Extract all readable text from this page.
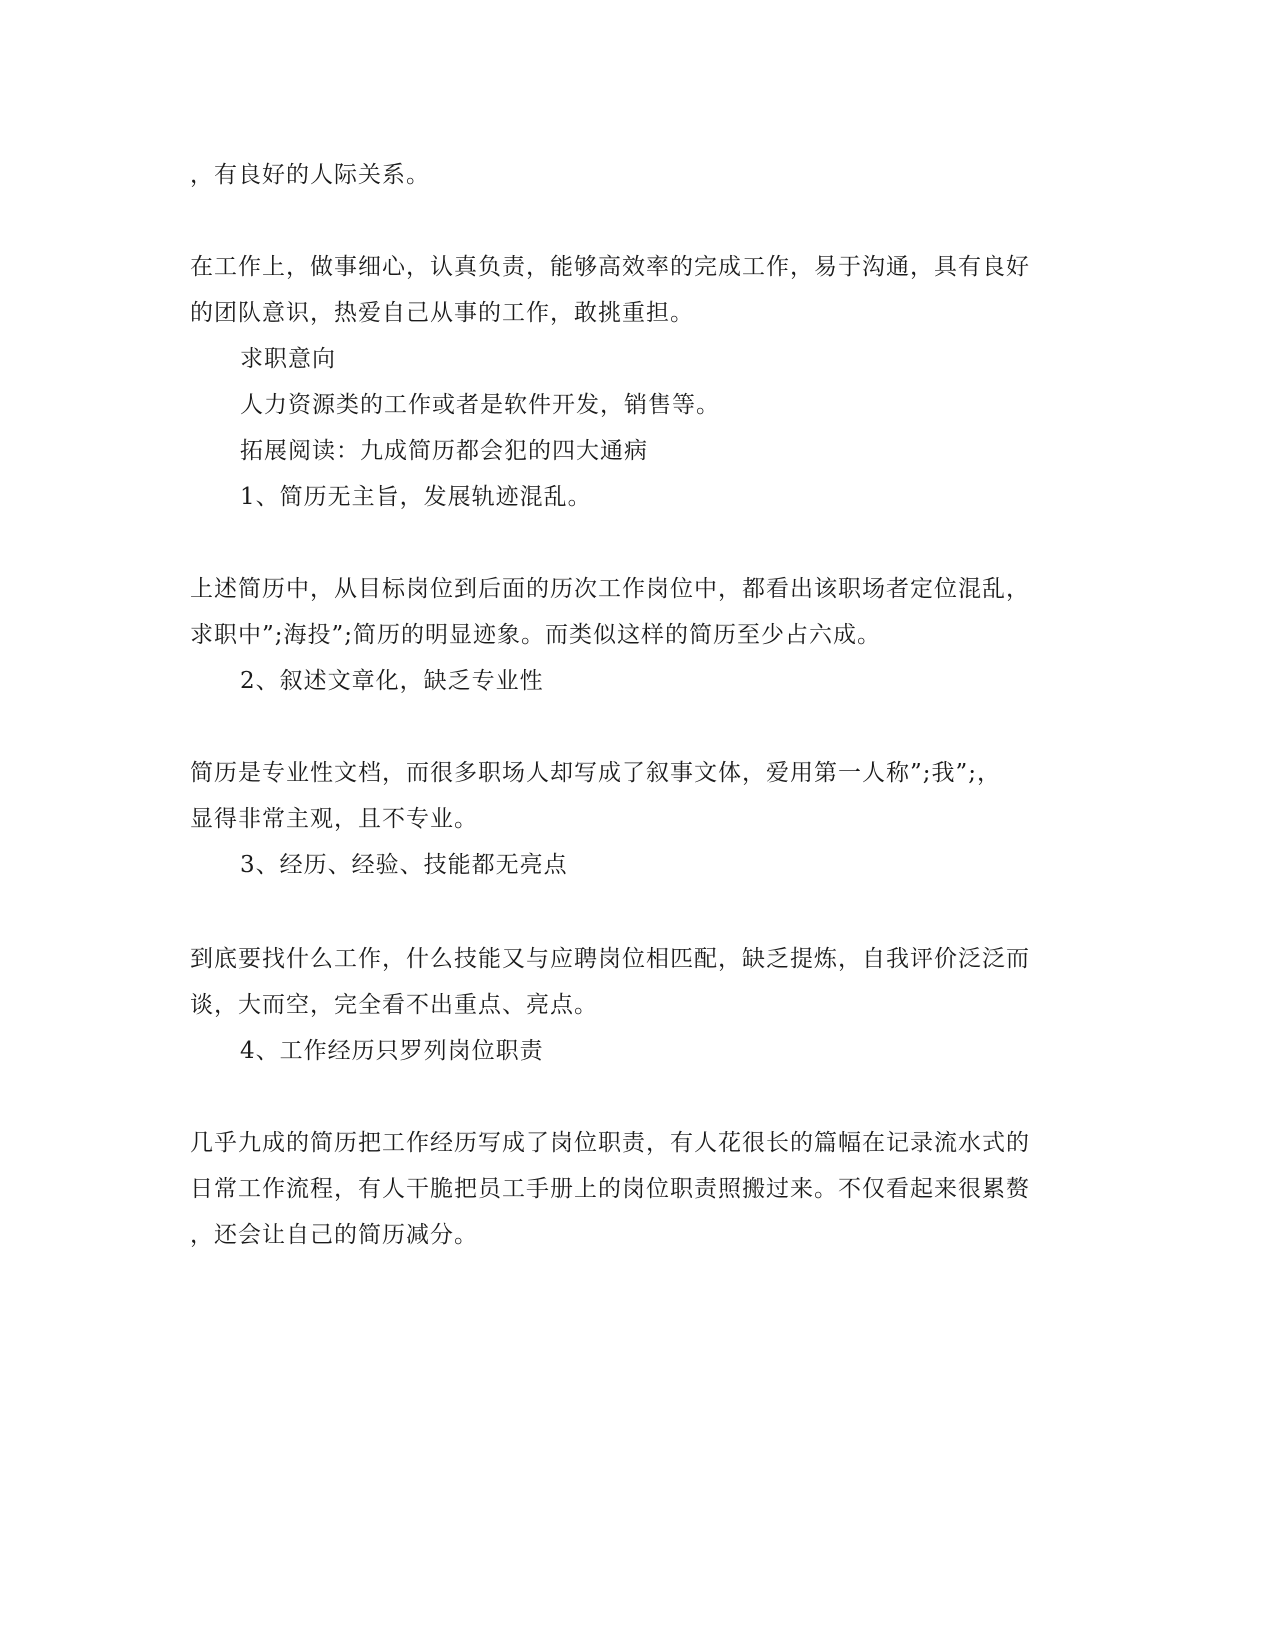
，有良好的人际关系。
在工作上，做事细心，认真负责，能够高效率的完成工作，易于沟通，具有良好
的团队意识，热爱自己从事的工作，敢挑重担。
求职意向
人力资源类的工作或者是软件开发，销售等。
拓展阅读：九成简历都会犯的四大通病
1、简历无主旨，发展轨迹混乱。
上述简历中，从目标岗位到后面的历次工作岗位中，都看出该职场者定位混乱，
求职中”;海投”;简历的明显迹象。而类似这样的简历至少占六成。
2、叙述文章化，缺乏专业性
简历是专业性文档，而很多职场人却写成了叙事文体，爱用第一人称”;我”;，
显得非常主观，且不专业。
3、经历、经验、技能都无亮点
到底要找什么工作，什么技能又与应聘岗位相匹配，缺乏提炼，自我评价泛泛而
谈，大而空，完全看不出重点、亮点。
4、工作经历只罗列岗位职责
几乎九成的简历把工作经历写成了岗位职责，有人花很长的篇幅在记录流水式的
日常工作流程，有人干脆把员工手册上的岗位职责照搬过来。不仅看起来很累赘
，还会让自己的简历减分。
